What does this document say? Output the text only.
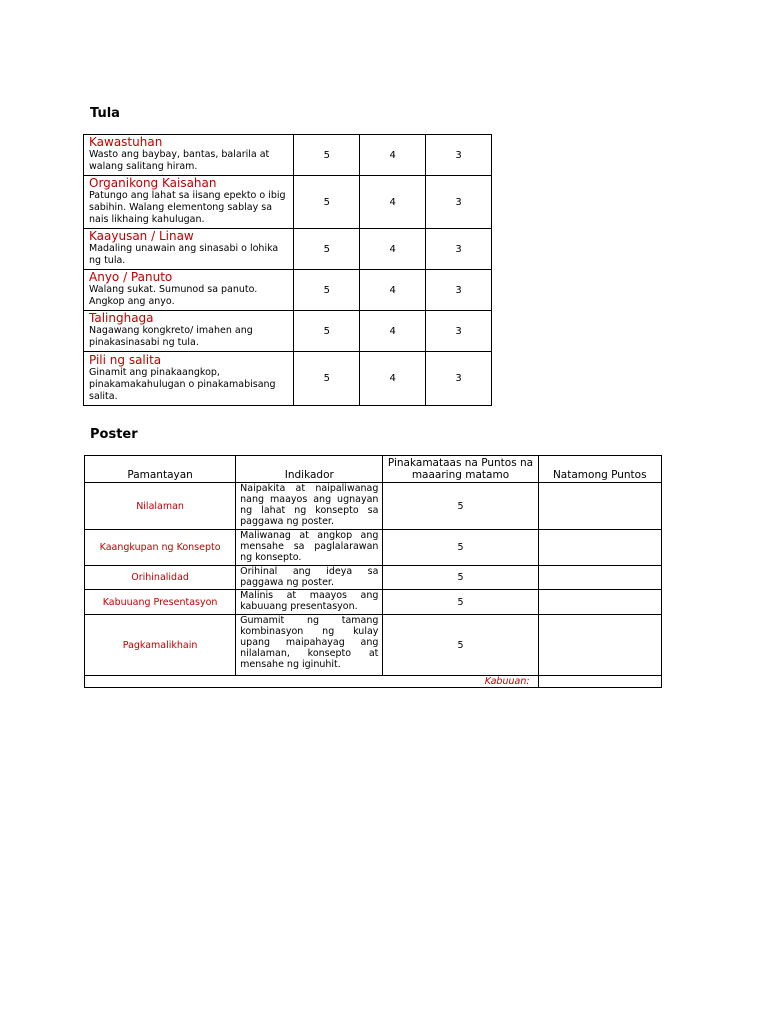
Tula
Kawastuhan
Wasto ang baybay, bantas, balarila at walang salitang hiram.	5	4	3

Organikong Kaisahan
Patungo ang lahat sa iisang epekto o ibig sabihin. Walang elementong sablay sa nais likhaing kahulugan.	5	4	3

Kaayusan / Linaw
Madaling unawain ang sinasabi o lohika ng tula.	5	4	3

Anyo / Panuto
Walang sukat. Sumunod sa panuto. Angkop ang anyo.	5	4	3

Talinghaga
Nagawang kongkreto/ imahen ang pinakasinasabi ng tula.	5	4	3

Pili ng salita
Ginamit ang pinakaangkop, pinakamakahulugan o pinakamabisang salita.	5	4	3
Poster
Pamantayan	Indikador	Pinakamataas na Puntos na maaaring matamo	Natamong Puntos
Nilalaman	Naipakita at naipaliwanag nang maayos ang ugnayan ng lahat ng konsepto sa paggawa ng poster.	5	
Kaangkupan ng Konsepto	Maliwanag at angkop ang mensahe sa paglalarawan ng konsepto.	5	
Orihinalidad	Orihinal ang ideya sa paggawa ng poster.	5	
Kabuuang Presentasyon	Malinis at maayos ang kabuuang presentasyon.	5	
Pagkamalikhain	Gumamit ng tamang kombinasyon ng kulay upang maipahayag ang nilalaman, konsepto at mensahe ng iginuhit.	5	
Kabuuan:			
